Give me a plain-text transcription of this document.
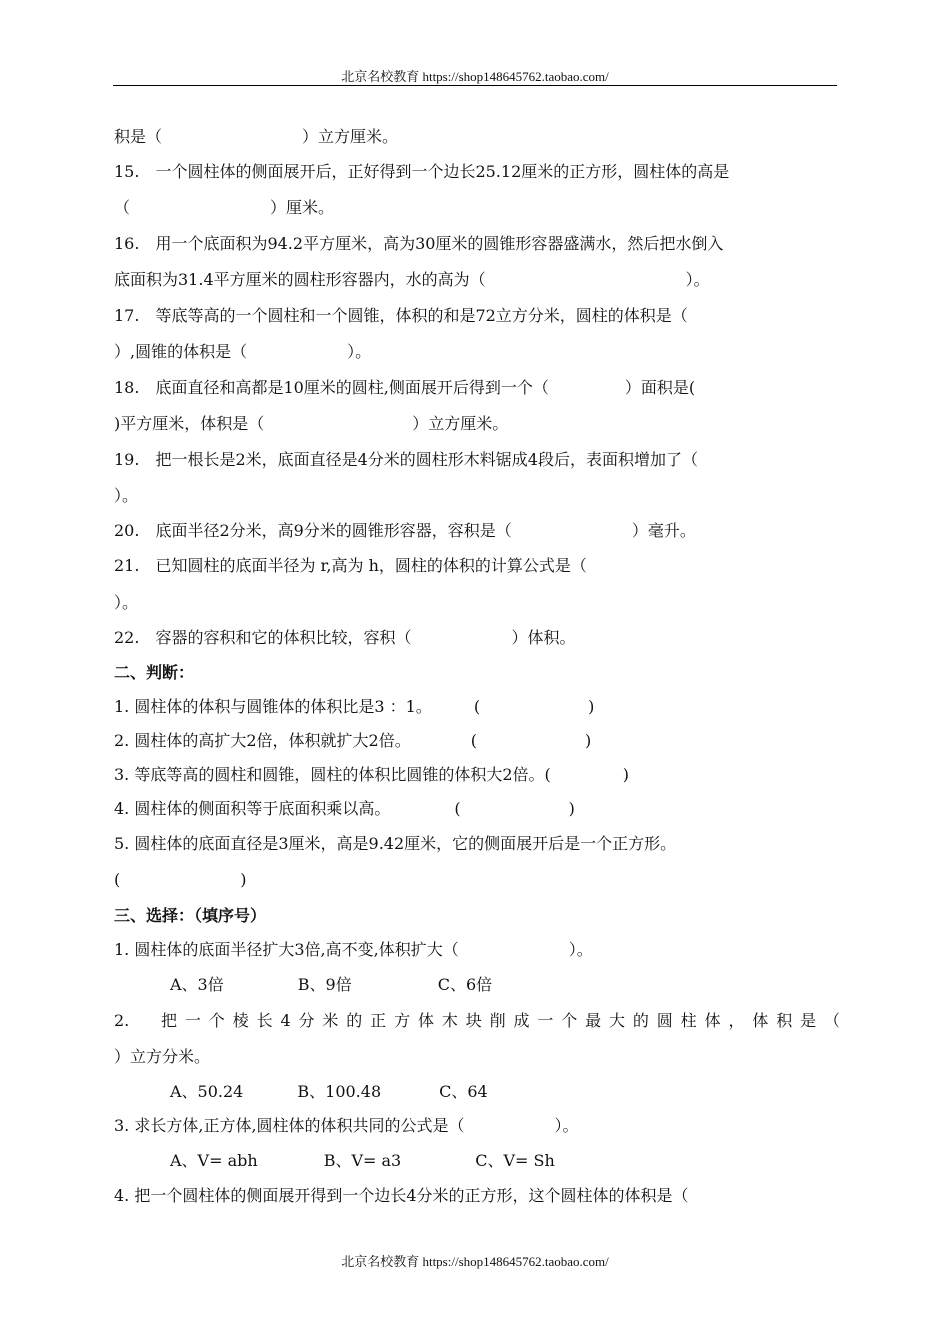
北京名校教育 https://shop148645762.taobao.com/
积是（	）立方厘米。
15.　一个圆柱体的侧面展开后，正好得到一个边长25.12厘米的正方形，圆柱体的高是
（	）厘米。
16.　用一个底面积为94.2平方厘米，高为30厘米的圆锥形容器盛满水，然后把水倒入
底面积为31.4平方厘米的圆柱形容器内，水的高为（	）。
17.　等底等高的一个圆柱和一个圆锥，体积的和是72立方分米，圆柱的体积是（
）,圆锥的体积是（	）。
18.　底面直径和高都是10厘米的圆柱,侧面展开后得到一个（	）面积是(
)平方厘米，体积是（	）立方厘米。
19.　把一根长是2米，底面直径是4分米的圆柱形木料锯成4段后，表面积增加了（
）。
20.　底面半径2分米，高9分米的圆锥形容器，容积是（	）毫升。
21.　已知圆柱的底面半径为 r,高为 h，圆柱的体积的计算公式是（
）。
22.　容器的容积和它的体积比较，容积（	）体积。
二、判断：
1. 圆柱体的体积与圆锥体的体积比是3 ：1。	(	)
2. 圆柱体的高扩大2倍，体积就扩大2倍。	(	)
3. 等底等高的圆柱和圆锥，圆柱的体积比圆锥的体积大2倍。(	)
4. 圆柱体的侧面积等于底面积乘以高。	(	)
5. 圆柱体的底面直径是3厘米，高是9.42厘米，它的侧面展开后是一个正方形。
(	)
三、选择：（填序号）
1. 圆柱体的底面半径扩大3倍,高不变,体积扩大（	）。
A、3倍	B、9倍	C、6倍
2.　把一个棱长4分米的正方体木块削成一个最大的圆柱体，体积是（
）立方分米。
A、50.24	B、100.48	C、64
3. 求长方体,正方体,圆柱体的体积共同的公式是（	）。
A、V= abh	B、V= a3	C、V= Sh
4. 把一个圆柱体的侧面展开得到一个边长4分米的正方形，这个圆柱体的体积是（
北京名校教育 https://shop148645762.taobao.com/
